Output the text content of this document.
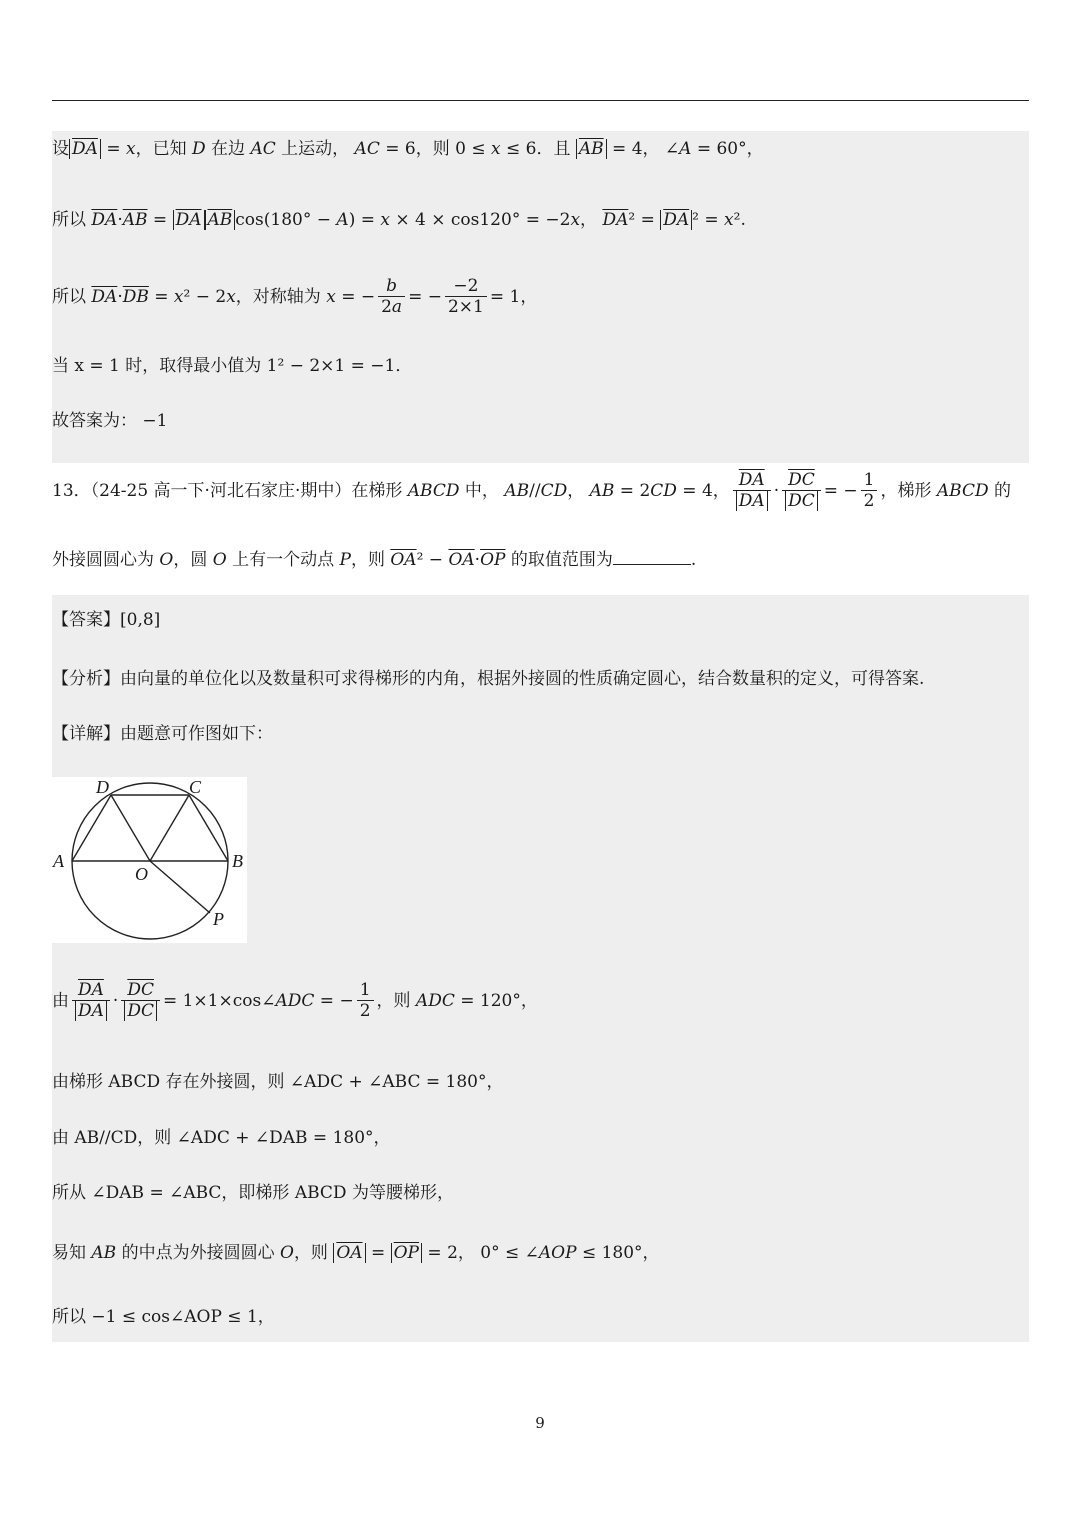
设 $\overline{DA} = x$，已知 D 在边 AC 上运动， AC = 6，则 0 ≤ x ≤ 6．且 $\overline{AB} = 4$， ∠A = 60°，
所以 $\overline{DA}\cdot\overline{AB} = \overline{DA}$ $\overline{AB}$ cos(180° − A) = x × 4 × cos120° = −2x， $\overline{DA}^2 = \overline{DA}$ ² = x².
所以 $\overline{DA}\cdot\overline{DB} = x^2 - 2x$，对称轴为 x = − $\frac{b}{2a}$ = − $\frac{-2}{2\times 1} = 1$，
当 x = 1 时，取得最小值为 1² − 2×1 = −1．
故答案为： −1
13．（24-25 高一下·河北石家庄·期中）在梯形 ABCD 中， AB//CD， AB = 2CD = 4， $\frac{\overline{DA}}{DA} \cdot \frac{\overline{DC}}{DC}$ = − $\frac{1}{2}$ ，梯形 ABCD 的
外接圆圆心为 O，圆 O 上有一个动点 P，则 $\overline{OA}^2 - \overline{OA}\cdot\overline{OP}$ 的取值范围为	.
【答案】[0,8]
【分析】由向量的单位化以及数量积可求得梯形的内角，根据外接圆的性质确定圆心，结合数量积的定义，可得答案.
【详解】由题意可作图如下：
D	C
A
O
B
P
由 $\frac{\overline{DA}}{DA} \cdot \frac{\overline{DC}}{DC}$ = 1×1×cos∠ADC = − $\frac{1}{2}$ ，则 ADC = 120°，
由梯形 ABCD 存在外接圆，则 ∠ADC + ∠ABC = 180°，
由 AB//CD，则 ∠ADC + ∠DAB = 180°，
所从 ∠DAB = ∠ABC，即梯形 ABCD 为等腰梯形，
易知 AB 的中点为外接圆圆心 O，则 $\overline{OA} = \overline{OP} = 2$， 0° ≤ ∠AOP ≤ 180°，
所以 −1 ≤ cos∠AOP ≤ 1，
9
